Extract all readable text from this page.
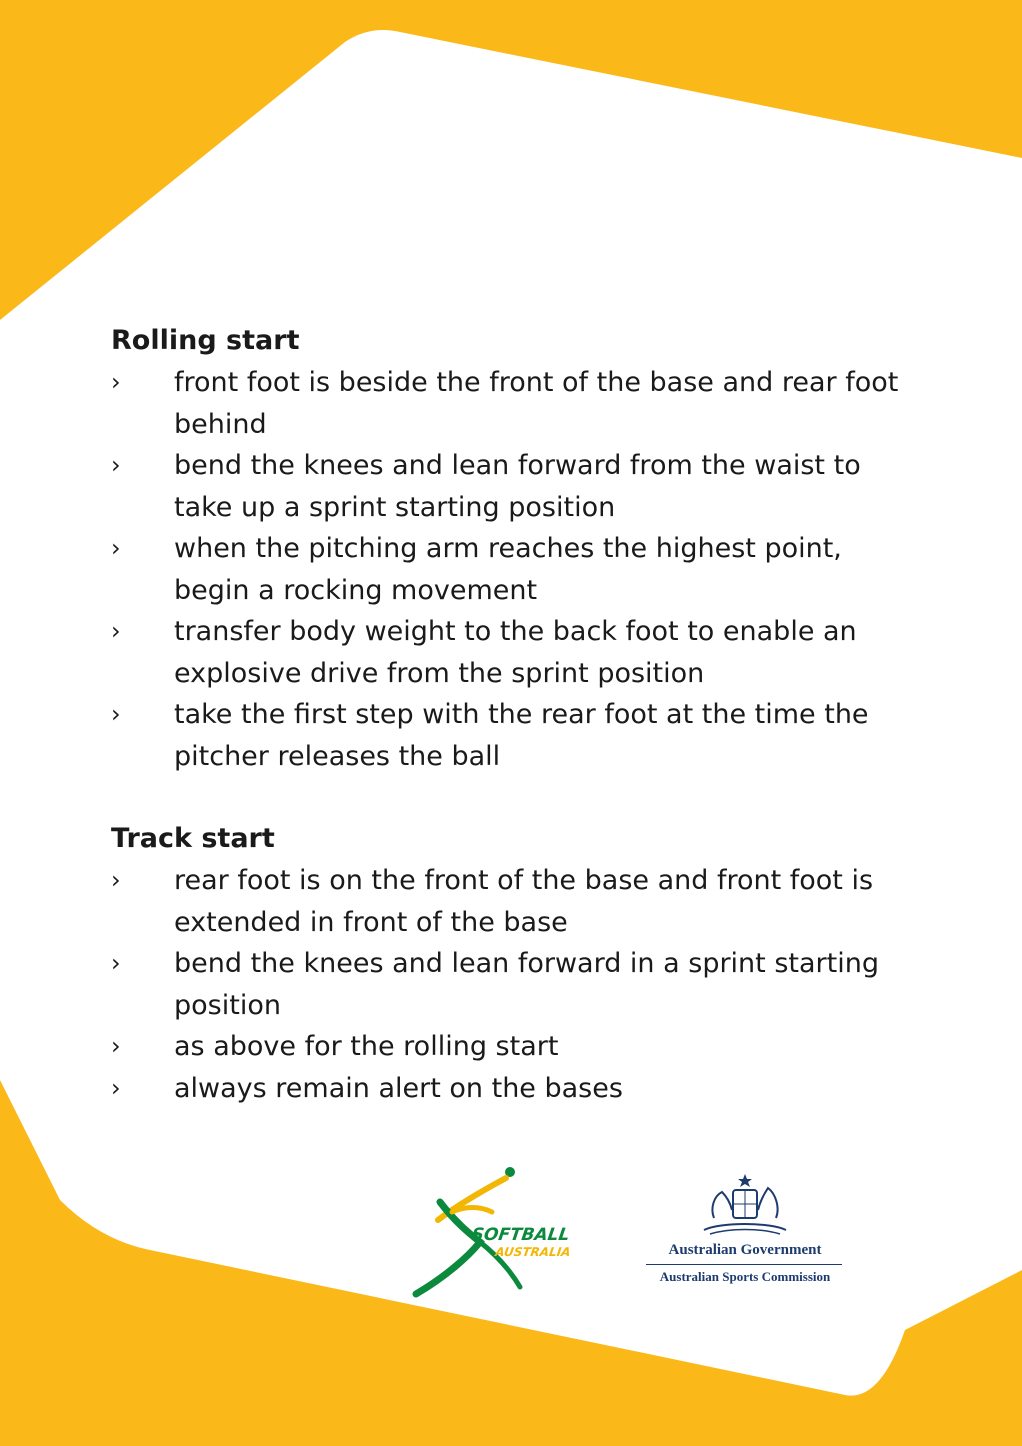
Rolling start
›	front foot is beside the front of the base and rear foot behind
›	bend the knees and lean forward from the waist to take up a sprint starting position
›	when the pitching arm reaches the highest point, begin a rocking movement
›	transfer body weight to the back foot to enable an explosive drive from the sprint position
›	take the first step with the rear foot at the time the pitcher releases the ball
Track start
›	rear foot is on the front of the base and front foot is extended in front of the base
›	bend the knees and lean forward in a sprint starting position
›	as above for the rolling start
›	always remain alert on the bases
SOFTBALL
AUSTRALIA	Australian Government
Australian Sports Commission
